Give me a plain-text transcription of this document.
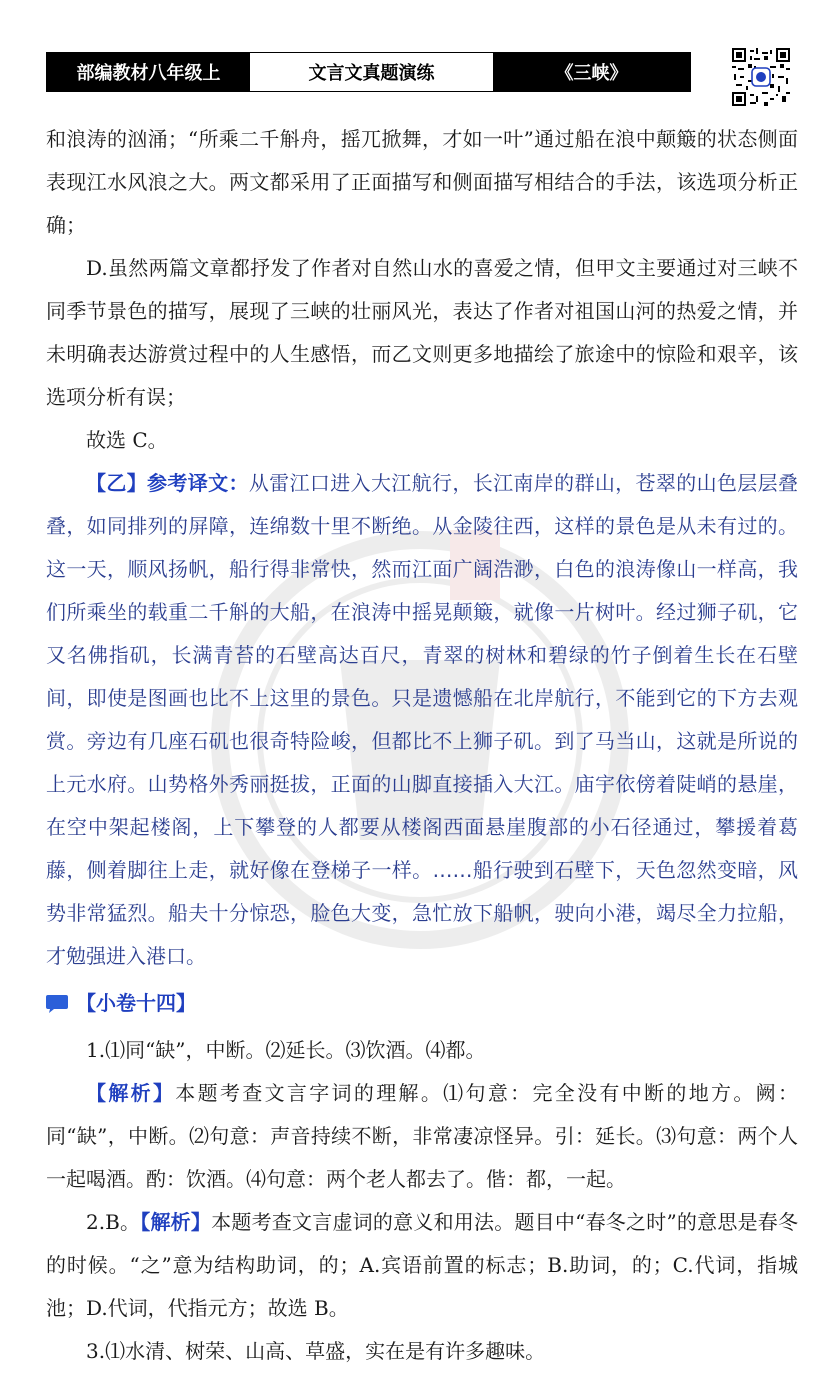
部编教材八年级上	文言文真题演练	《三峡》

和浪涛的汹涌；“所乘二千斛舟，摇兀掀舞，才如一叶”通过船在浪中颠簸的状态侧面表现江水风浪之大。两文都采用了正面描写和侧面描写相结合的手法，该选项分析正确；

D.虽然两篇文章都抒发了作者对自然山水的喜爱之情，但甲文主要通过对三峡不同季节景色的描写，展现了三峡的壮丽风光，表达了作者对祖国山河的热爱之情，并未明确表达游赏过程中的人生感悟，而乙文则更多地描绘了旅途中的惊险和艰辛，该选项分析有误；

故选 C。

【乙】参考译文：从雷江口进入大江航行，长江南岸的群山，苍翠的山色层层叠叠，如同排列的屏障，连绵数十里不断绝。从金陵往西，这样的景色是从未有过的。这一天，顺风扬帆，船行得非常快，然而江面广阔浩渺，白色的浪涛像山一样高，我们所乘坐的载重二千斛的大船，在浪涛中摇晃颠簸，就像一片树叶。经过狮子矶，它又名佛指矶，长满青苔的石壁高达百尺，青翠的树林和碧绿的竹子倒着生长在石壁间，即使是图画也比不上这里的景色。只是遗憾船在北岸航行，不能到它的下方去观赏。旁边有几座石矶也很奇特险峻，但都比不上狮子矶。到了马当山，这就是所说的上元水府。山势格外秀丽挺拔，正面的山脚直接插入大江。庙宇依傍着陡峭的悬崖，在空中架起楼阁，上下攀登的人都要从楼阁西面悬崖腹部的小石径通过，攀援着葛藤，侧着脚往上走，就好像在登梯子一样。……船行驶到石壁下，天色忽然变暗，风势非常猛烈。船夫十分惊恐，脸色大变，急忙放下船帆，驶向小港，竭尽全力拉船，才勉强进入港口。

【小卷十四】

1.⑴同“缺”，中断。⑵延长。⑶饮酒。⑷都。

【解析】本题考查文言字词的理解。⑴句意：完全没有中断的地方。阙：同“缺”，中断。⑵句意：声音持续不断，非常凄凉怪异。引：延长。⑶句意：两个人一起喝酒。酌：饮酒。⑷句意：两个老人都去了。偕：都，一起。

2.B。【解析】本题考查文言虚词的意义和用法。题目中“春冬之时”的意思是春冬的时候。“之”意为结构助词，的；A.宾语前置的标志；B.助词，的；C.代词，指城池；D.代词，代指元方；故选 B。

3.⑴水清、树荣、山高、草盛，实在是有许多趣味。
